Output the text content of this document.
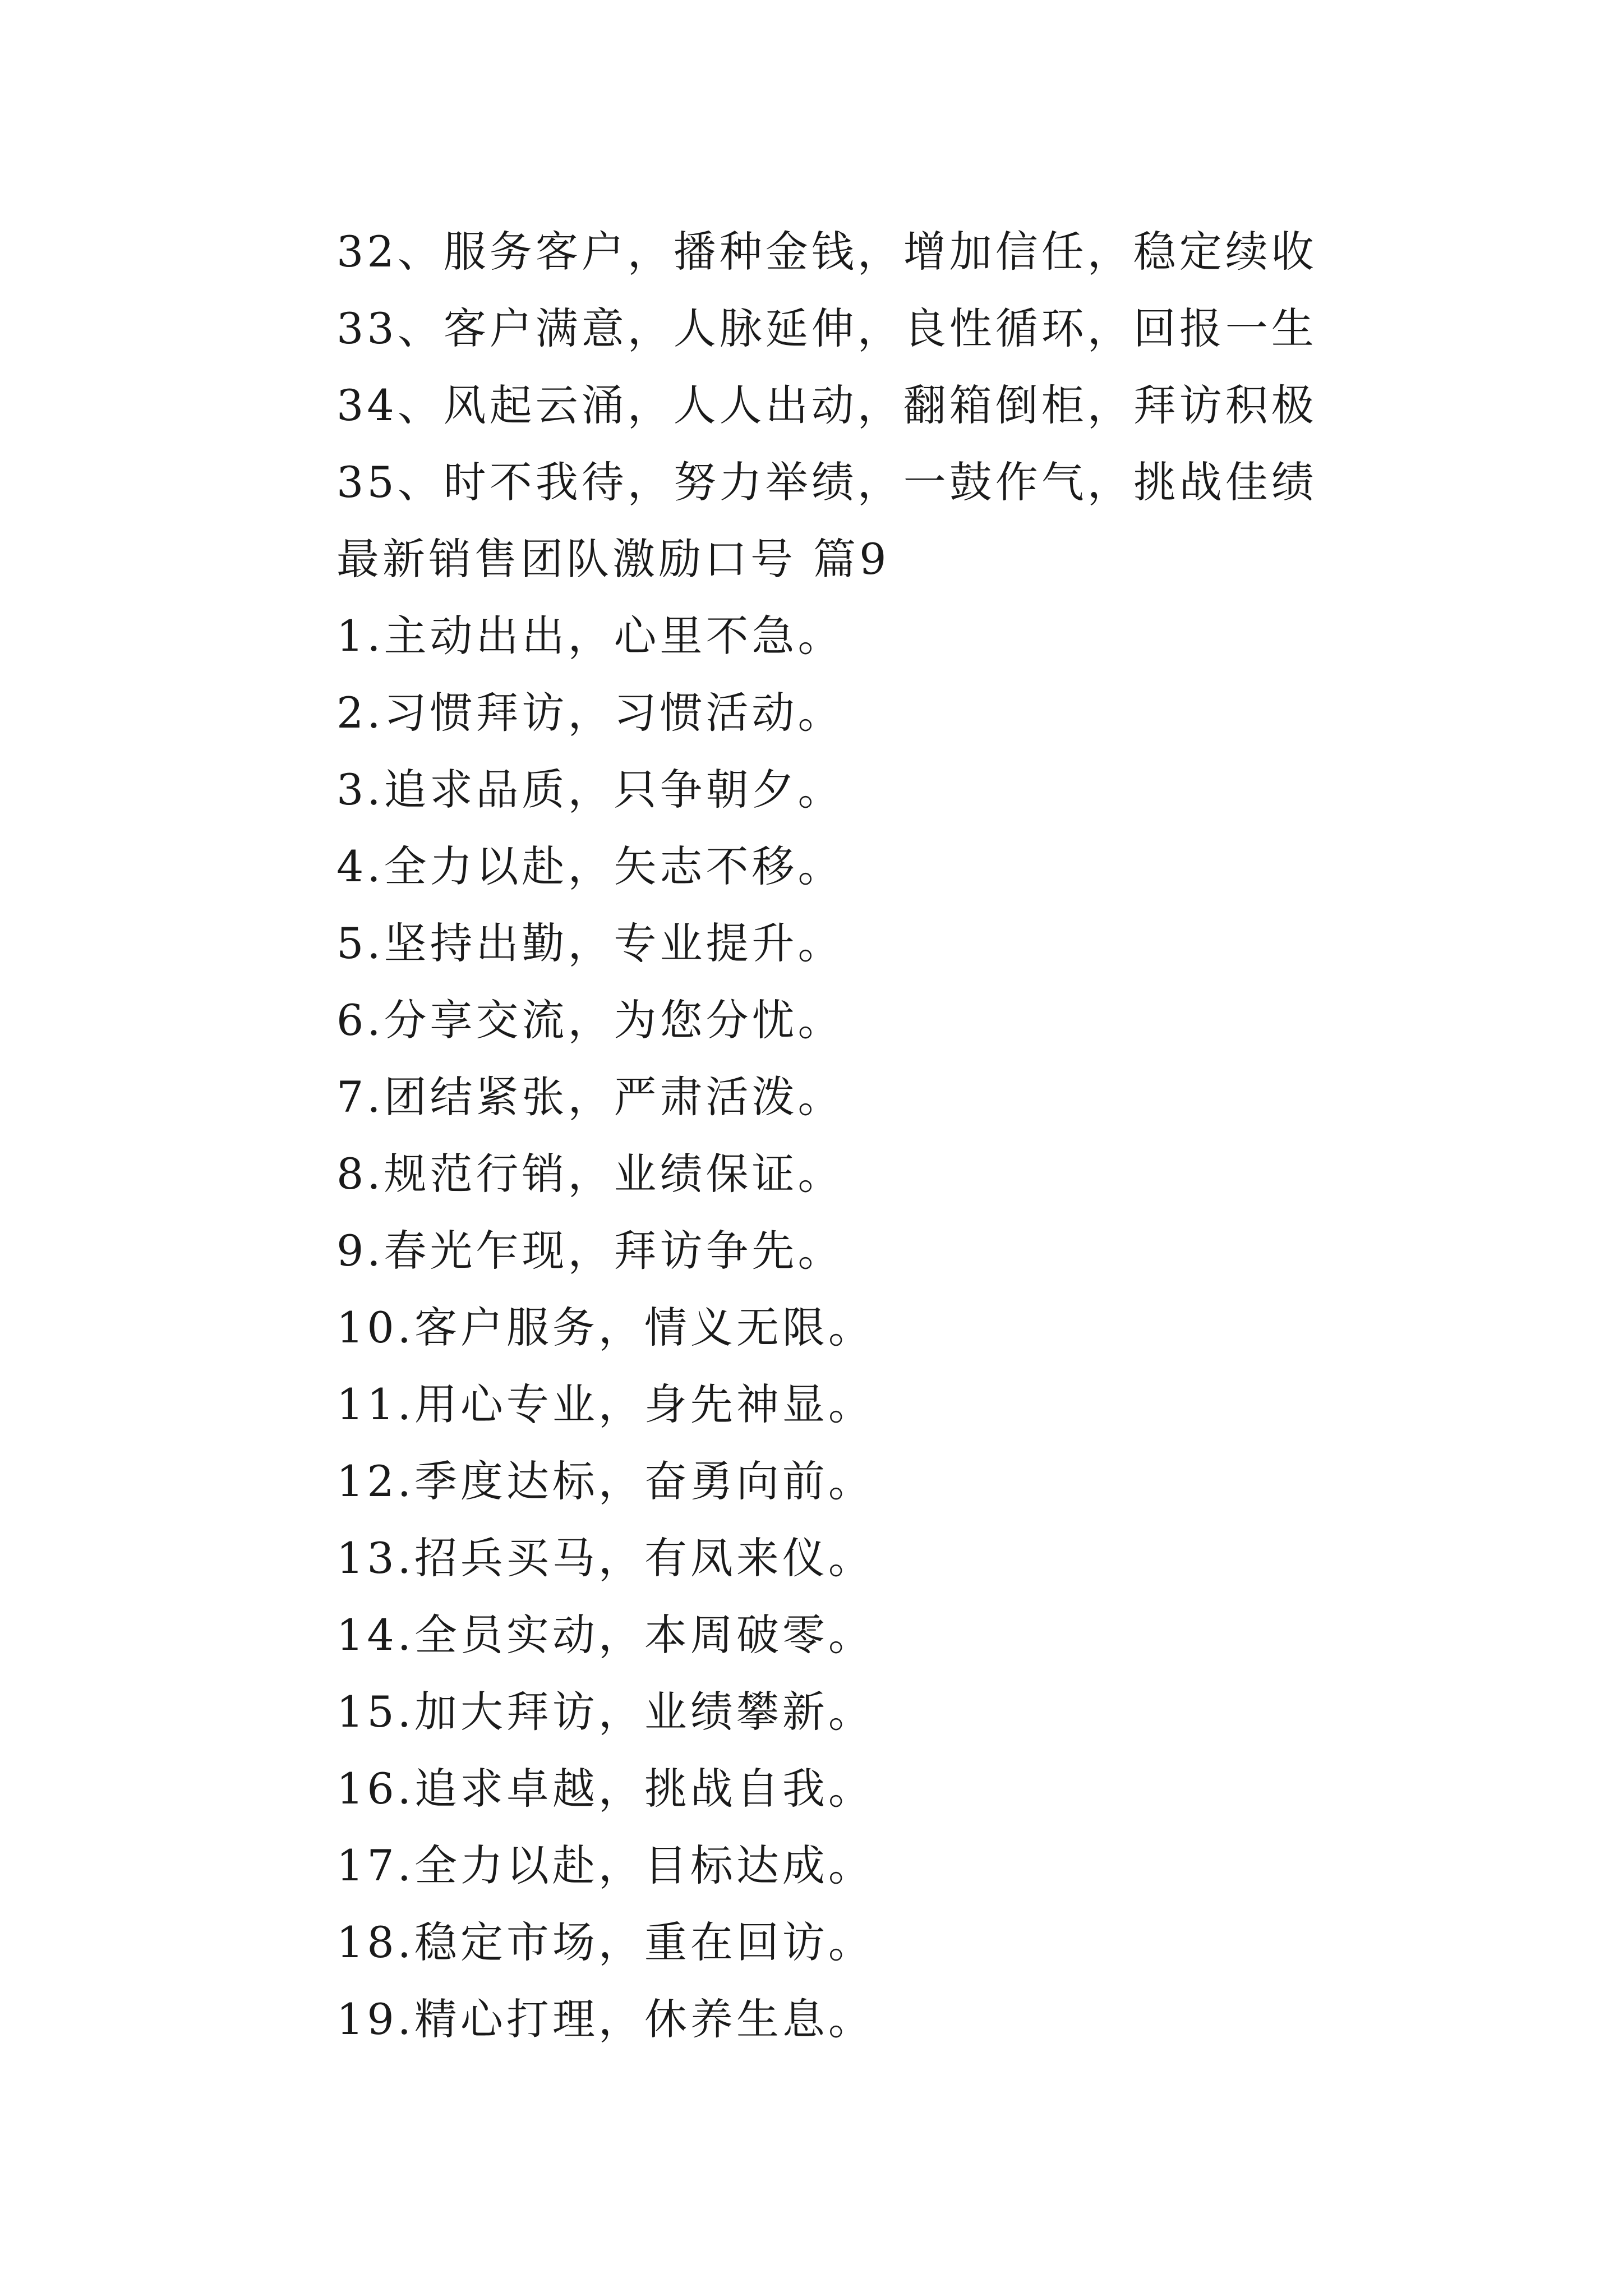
32、服务客户，播种金钱，增加信任，稳定续收
33、客户满意，人脉延伸，良性循环，回报一生
34、风起云涌，人人出动，翻箱倒柜，拜访积极
35、时不我待，努力举绩，一鼓作气，挑战佳绩
最新销售团队激励口号 篇9
1.主动出出，心里不急。
2.习惯拜访，习惯活动。
3.追求品质，只争朝夕。
4.全力以赴，矢志不移。
5.坚持出勤，专业提升。
6.分享交流，为您分忧。
7.团结紧张，严肃活泼。
8.规范行销，业绩保证。
9.春光乍现，拜访争先。
10.客户服务，情义无限。
11.用心专业，身先神显。
12.季度达标，奋勇向前。
13.招兵买马，有凤来仪。
14.全员实动，本周破零。
15.加大拜访，业绩攀新。
16.追求卓越，挑战自我。
17.全力以赴，目标达成。
18.稳定市场，重在回访。
19.精心打理，休养生息。
